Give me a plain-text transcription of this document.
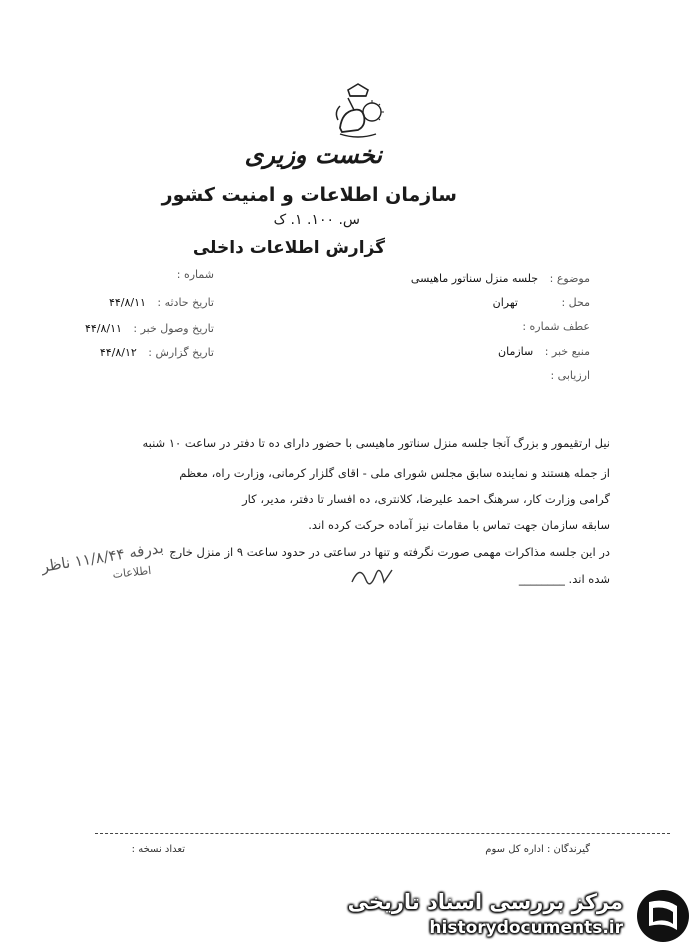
نخست وزیری
سازمان اطلاعات و امنیت کشور
س. ۱۰۰. ۱. ک
گزارش اطلاعات داخلی
شماره :
تاریخ حادثه : ۴۴/۸/۱۱
تاریخ وصول خبر : ۴۴/۸/۱۱
تاریخ گزارش : ۴۴/۸/۱۲
موضوع : جلسه منزل سناتور ماهیسی
محل : تهران
عطف شماره :
منبع خبر : سازمان
ارزیابی :
نیل ارتقیمور و بزرگ آنجا جلسه منزل سناتور ماهیسی با حضور دارای ده تا دفتر در ساعت ۱۰ شنبه
از جمله هستند و نماینده سابق مجلس شورای ملی - اقای گلزار کرمانی، وزارت راه، معظم
گرامی وزارت کار، سرهنگ احمد علیرضا، کلانتری، ده افسار تا دفتر، مدیر، کار
سابقه سازمان جهت تماس با مقامات نیز آماده حرکت کرده اند.
در این جلسه مذاکرات مهمی صورت نگرفته و تنها در ساعتی در حدود ساعت ۹ از منزل خارج
شده اند. ________
اطلاعات
بدرفه ۱۱/۸/۴۴ ناظر
تعداد نسخه :	گیرندگان : اداره کل سوم
مرکز بررسی اسناد تاریخی
historydocuments.ir
